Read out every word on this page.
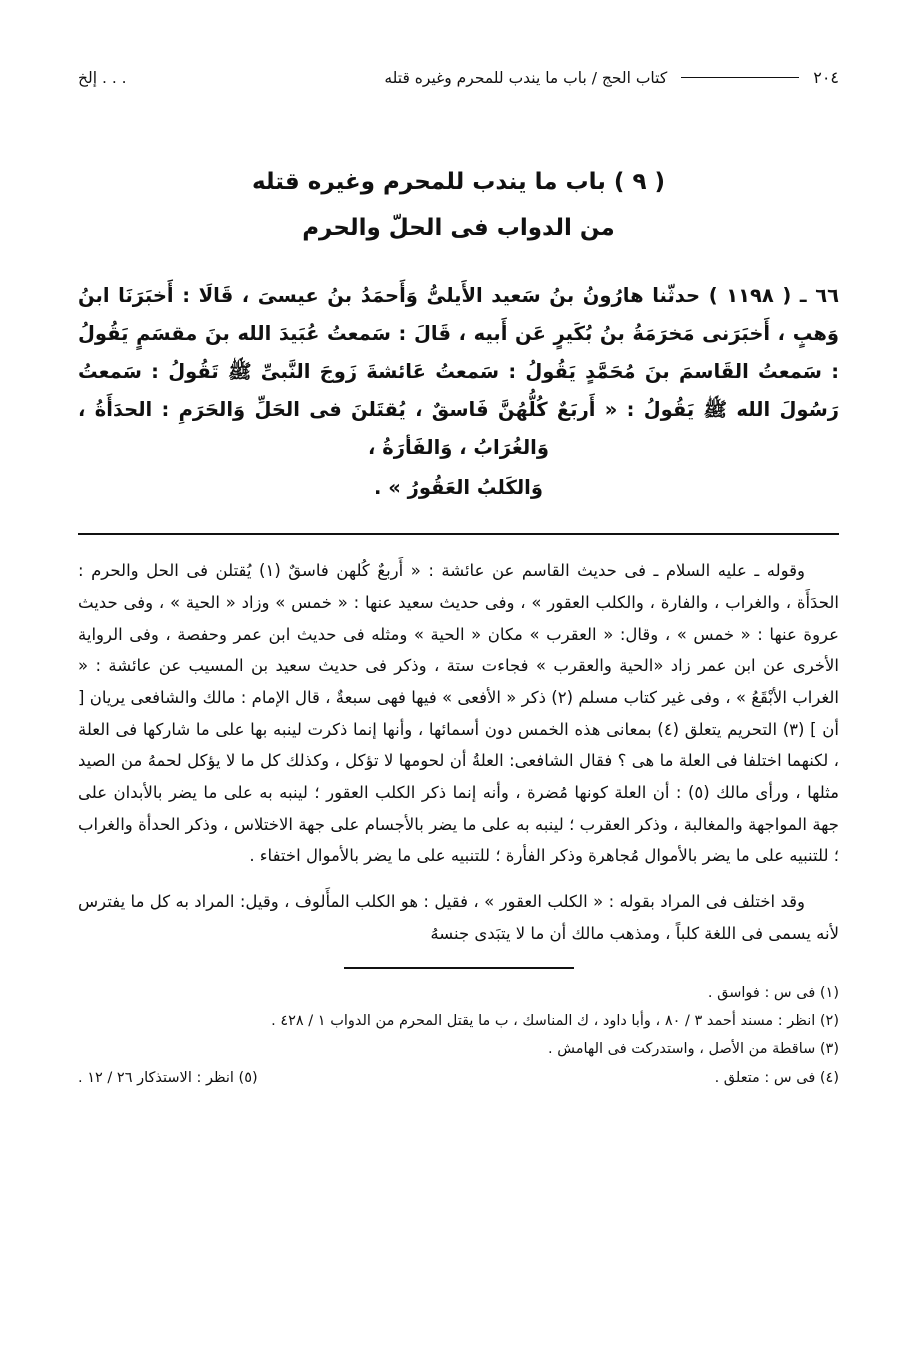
٢٠٤
كتاب الحج / باب ما يندب للمحرم وغيره قتله
. . . إلخ
( ٩ ) باب ما يندب للمحرم وغيره قتله
من الدواب فى الحلّ والحرم
٦٦ ـ ( ١١٩٨ ) حدثّنا هارُونُ بنُ سَعيد الأَيلىُّ وَأَحمَدُ بنُ عيسىَ ، قَالَا : أَخبَرَنَا ابنُ وَهبٍ ، أَخبَرَنى مَخرَمَةُ بنُ بُكَيرٍ عَن أَبيه ، قَالَ : سَمعتُ عُبَيدَ الله بنَ مقسَمٍ يَقُولُ : سَمعتُ القَاسمَ بنَ مُحَمَّدٍ يَقُولُ : سَمعتُ عَائشةَ زَوجَ النَّبىِّ ﷺ تَقُولُ : سَمعتُ رَسُولَ الله ﷺ يَقُولُ : « أَربَعٌ كُلُّهُنَّ فَاسقٌ ، يُقتَلنَ فى الحَلِّ وَالحَرَمِ : الحدَأَةُ ، وَالغُرَابُ ، وَالفَأرَةُ ،
وَالكَلبُ العَقُورُ » .

وقوله ـ عليه السلام ـ فى حديث القاسم عن عائشة : « أَربعٌ كُلهن فاسقٌ (١) يُقتلن فى الحل والحرم : الحدَأَة ، والغراب ، والفارة ، والكلب العقور » ، وفى حديث سعيد عنها : « خمس » وزاد « الحية » ، وفى حديث عروة عنها : « خمس » ، وقال: « العقرب » مكان « الحية » ومثله فى حديث ابن عمر وحفصة ، وفى الرواية الأخرى عن ابن عمر زاد «الحية والعقرب » فجاءت ستة ، وذكر فى حديث سعيد بن المسيب عن عائشة : « الغراب الأبْقَعُ » ، وفى غير كتاب مسلم (٢) ذكر « الأفعى » فيها فهى سبعةٌ ، قال الإمام : مالك والشافعى يريان [ أن ] (٣) التحريم يتعلق (٤) بمعانى هذه الخمس دون أسمائها ، وأنها إنما ذكرت لينبه بها على ما شاركها فى العلة ، لكنهما اختلفا فى العلة ما هى ؟ فقال الشافعى: العلةُ أن لحومها لا تؤكل ، وكذلك كل ما لا يؤكل لحمهُ من الصيد مثلها ، ورأى مالك (٥) : أن العلة كونها مُضرة ، وأنه إنما ذكر الكلب العقور ؛ لينبه به على ما يضر بالأبدان على جهة المواجهة والمغالبة ، وذكر العقرب ؛ لينبه به على ما يضر بالأجسام على جهة الاختلاس ، وذكر الحدأة والغراب ؛ للتنبيه على ما يضر بالأموال مُجاهرة وذكر الفأرة ؛ للتنبيه على ما يضر بالأموال اختفاء .

وقد اختلف فى المراد بقوله : « الكلب العقور » ، فقيل : هو الكلب المأَلوف ، وقيل: المراد به كل ما يفترس لأنه يسمى فى اللغة كلباً ، ومذهب مالك أن ما لا يتبَدى جنسهُ

(١) فى س : فواسق .
(٢) انظر : مسند أحمد ٣ / ٨٠ ، وأبا داود ، ك المناسك ، ب ما يقتل المحرم من الدواب ١ / ٤٢٨ .
(٣) ساقطة من الأصل ، واستدركت فى الهامش .
(٤) فى س : متعلق .
(٥) انظر : الاستذكار ٢٦ / ١٢ .
